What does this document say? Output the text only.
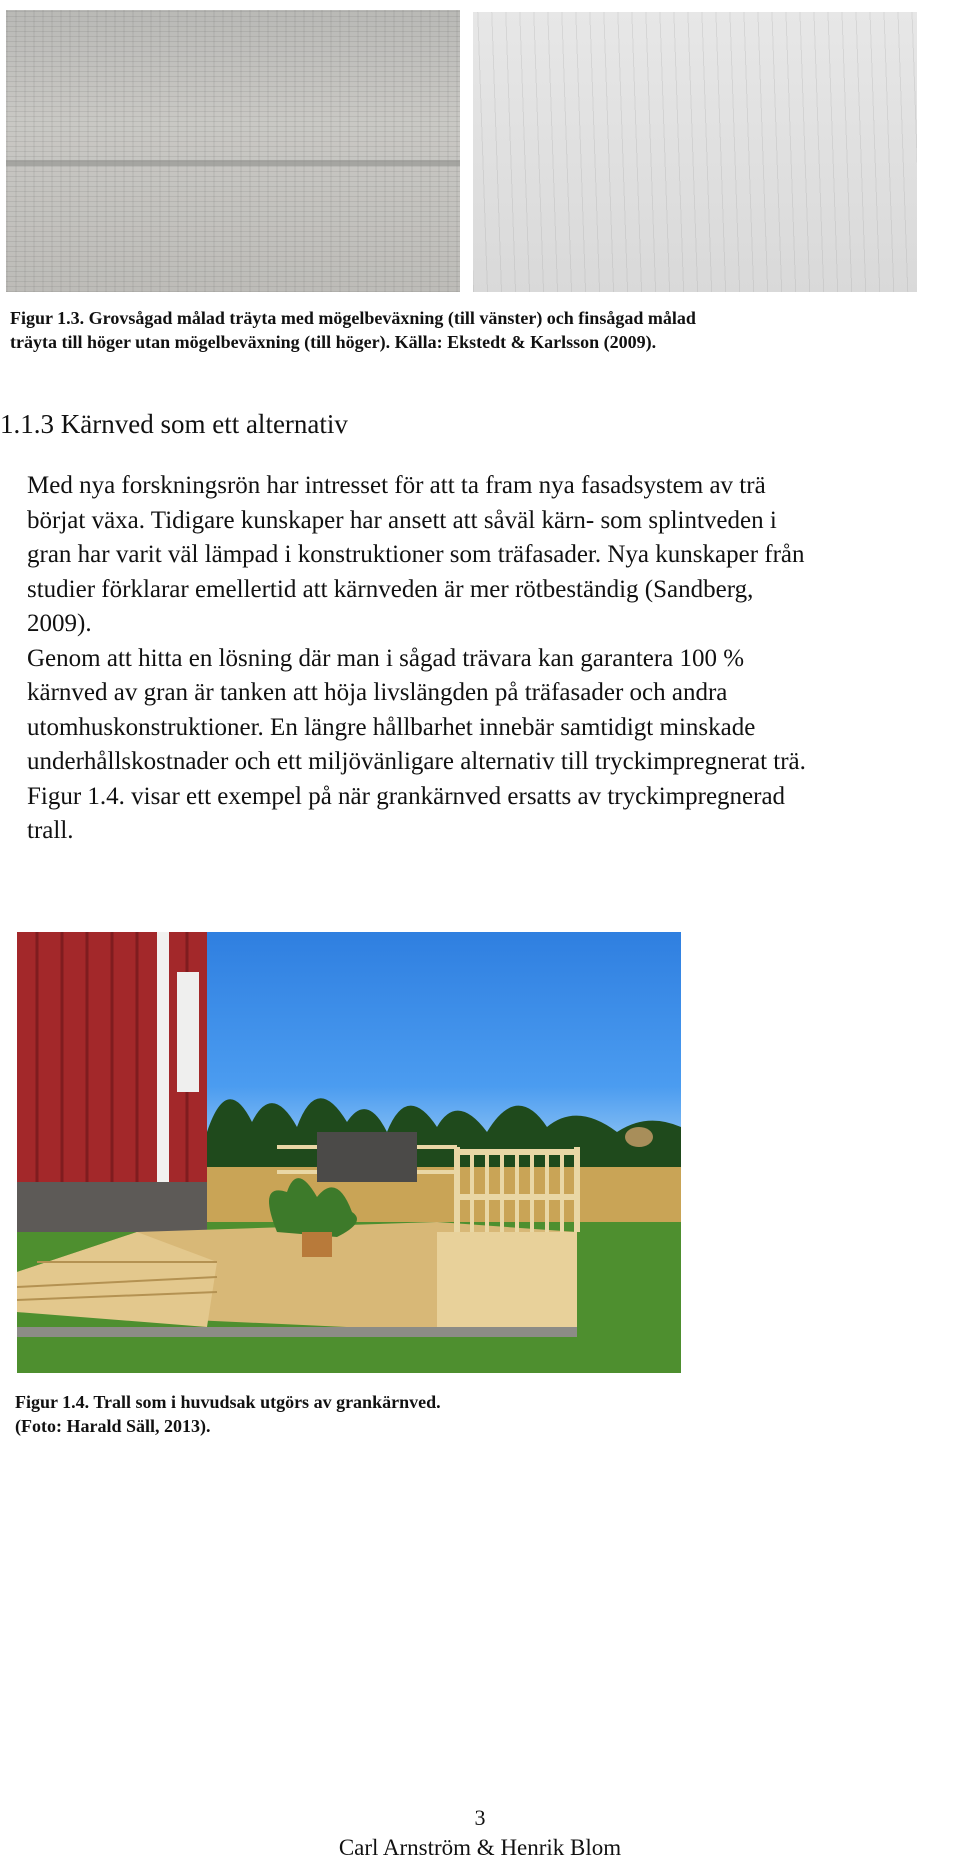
Figur 1.3. Grovsågad målad träyta med mögelbeväxning (till vänster) och finsågad målad
träyta till höger utan mögelbeväxning (till höger). Källa: Ekstedt & Karlsson (2009).
1.1.3 Kärnved som ett alternativ

Med nya forskningsrön har intresset för att ta fram nya fasadsystem av trä
börjat växa. Tidigare kunskaper har ansett att såväl kärn- som splintveden i
gran har varit väl lämpad i konstruktioner som träfasader. Nya kunskaper från
studier förklarar emellertid att kärnveden är mer rötbeständig (Sandberg,
2009).

Genom att hitta en lösning där man i sågad trävara kan garantera 100 %
kärnved av gran är tanken att höja livslängden på träfasader och andra
utomhuskonstruktioner. En längre hållbarhet innebär samtidigt minskade
underhållskostnader och ett miljövänligare alternativ till tryckimpregnerat trä.
Figur 1.4. visar ett exempel på när grankärnved ersatts av tryckimpregnerad
trall.

Figur 1.4. Trall som i huvudsak utgörs av grankärnved.
(Foto: Harald Säll, 2013).
3
Carl Arnström & Henrik Blom
